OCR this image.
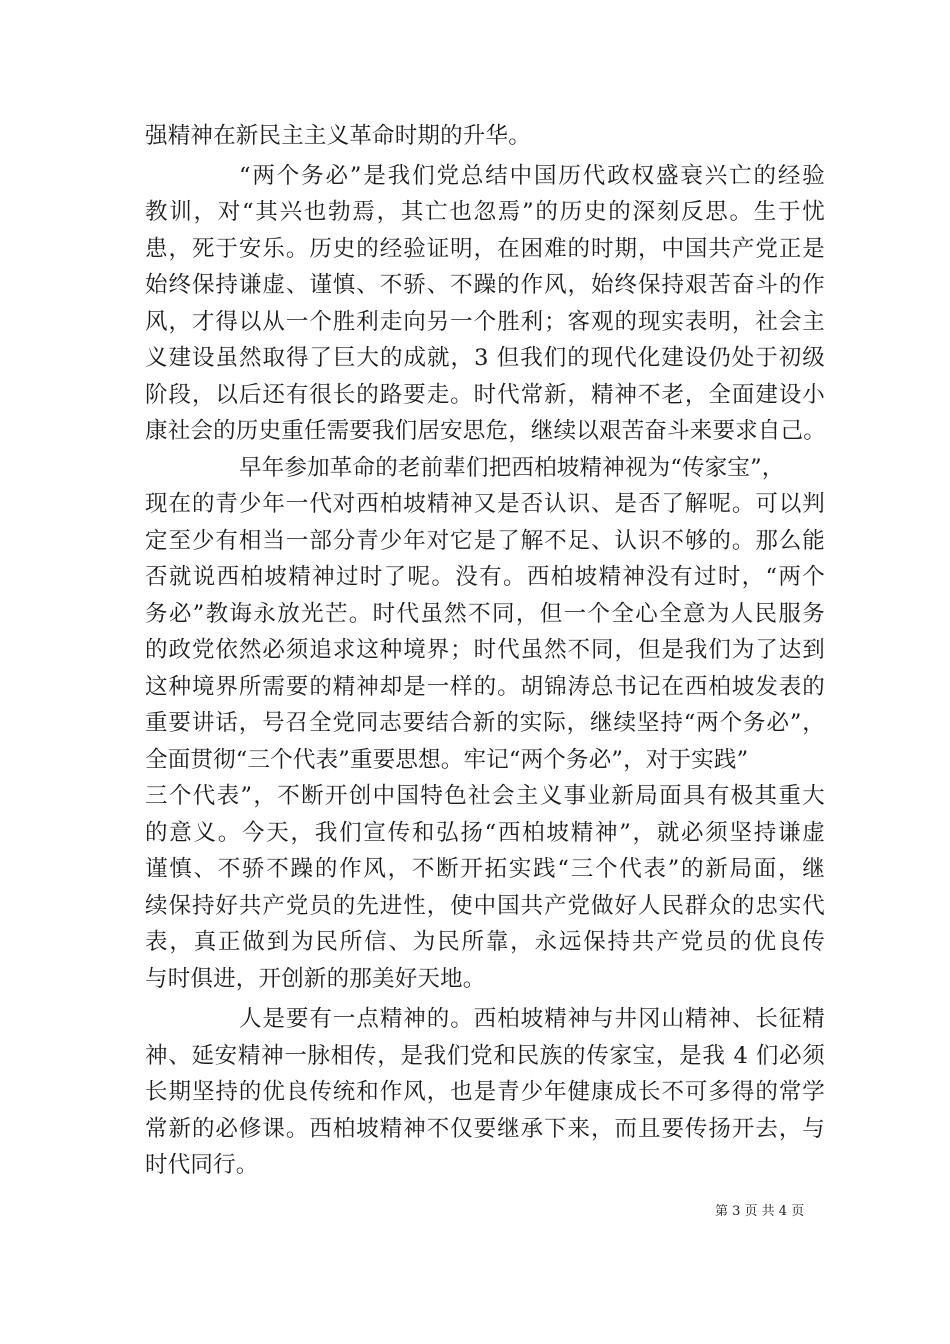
强精神在新民主主义革命时期的升华。
“两个务必”是我们党总结中国历代政权盛衰兴亡的经验
教训，对“其兴也勃焉，其亡也忽焉”的历史的深刻反思。生于忧
患，死于安乐。历史的经验证明，在困难的时期，中国共产党正是
始终保持谦虚、谨慎、不骄、不躁的作风，始终保持艰苦奋斗的作
风，才得以从一个胜利走向另一个胜利；客观的现实表明，社会主
义建设虽然取得了巨大的成就，3 但我们的现代化建设仍处于初级
阶段，以后还有很长的路要走。时代常新，精神不老，全面建设小
康社会的历史重任需要我们居安思危，继续以艰苦奋斗来要求自己。
早年参加革命的老前辈们把西柏坡精神视为“传家宝”，
现在的青少年一代对西柏坡精神又是否认识、是否了解呢。可以判
定至少有相当一部分青少年对它是了解不足、认识不够的。那么能
否就说西柏坡精神过时了呢。没有。西柏坡精神没有过时，“两个
务必”教诲永放光芒。时代虽然不同，但一个全心全意为人民服务
的政党依然必须追求这种境界；时代虽然不同，但是我们为了达到
这种境界所需要的精神却是一样的。胡锦涛总书记在西柏坡发表的
重要讲话，号召全党同志要结合新的实际，继续坚持“两个务必”，
全面贯彻“三个代表”重要思想。牢记“两个务必”，对于实践”
三个代表”，不断开创中国特色社会主义事业新局面具有极其重大
的意义。今天，我们宣传和弘扬“西柏坡精神”，就必须坚持谦虚
谨慎、不骄不躁的作风，不断开拓实践“三个代表”的新局面，继
续保持好共产党员的先进性，使中国共产党做好人民群众的忠实代
表，真正做到为民所信、为民所靠，永远保持共产党员的优良传
与时俱进，开创新的那美好天地。
人是要有一点精神的。西柏坡精神与井冈山精神、长征精
神、延安精神一脉相传，是我们党和民族的传家宝，是我 4 们必须
长期坚持的优良传统和作风，也是青少年健康成长不可多得的常学
常新的必修课。西柏坡精神不仅要继承下来，而且要传扬开去，与
时代同行。
第 3 页 共 4 页
